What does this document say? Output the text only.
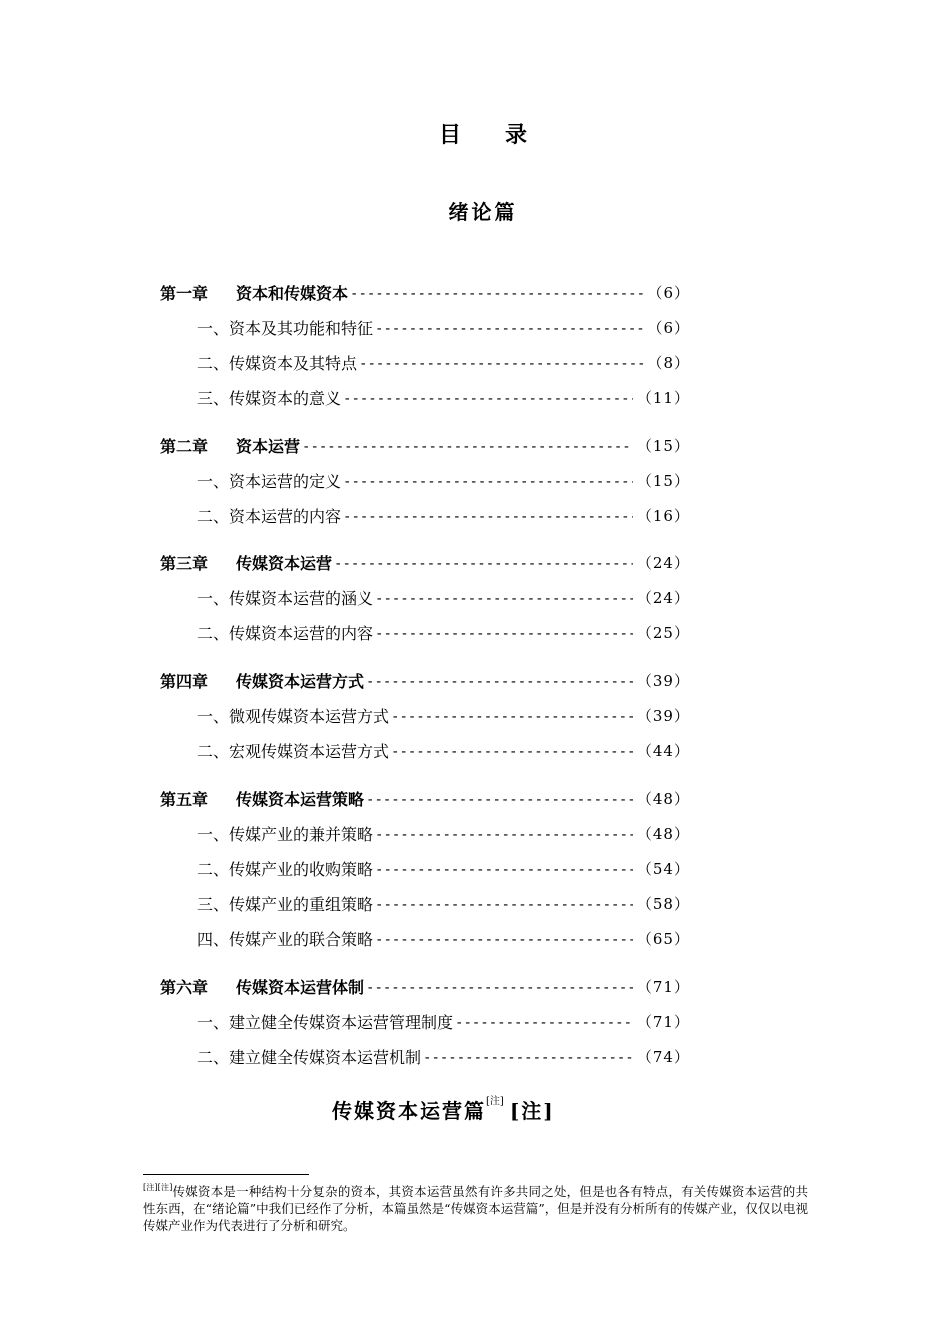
目 录
绪论篇
第一章	资本和传媒资本 -----	（6）
一、资本及其功能和特征 -----	（6）
二、传媒资本及其特点 -----	（8）
三、传媒资本的意义 -----	（11）
第二章	资本运营 -----	（15）
一、资本运营的定义 -----	（15）
二、资本运营的内容 -----	（16）
第三章	传媒资本运营 -----	（24）
一、传媒资本运营的涵义 -----	（24）
二、传媒资本运营的内容 -----	（25）
第四章	传媒资本运营方式 -----	（39）
一、微观传媒资本运营方式 -----	（39）
二、宏观传媒资本运营方式 -----	（44）
第五章	传媒资本运营策略 -----	（48）
一、传媒产业的兼并策略 -----	（48）
二、传媒产业的收购策略 -----	（54）
三、传媒产业的重组策略 -----	（58）
四、传媒产业的联合策略 -----	（65）
第六章	传媒资本运营体制 -----	（71）
一、建立健全传媒资本运营管理制度 -----	（71）
二、建立健全传媒资本运营机制 -----	（74）
传媒资本运营篇[注] [注]
[注][注]传媒资本是一种结构十分复杂的资本，其资本运营虽然有许多共同之处，但是也各有特点，有关传媒资本运营的共性东西，在“绪论篇”中我们已经作了分析，本篇虽然是“传媒资本运营篇”，但是并没有分析所有的传媒产业，仅仅以电视传媒产业作为代表进行了分析和研究。
